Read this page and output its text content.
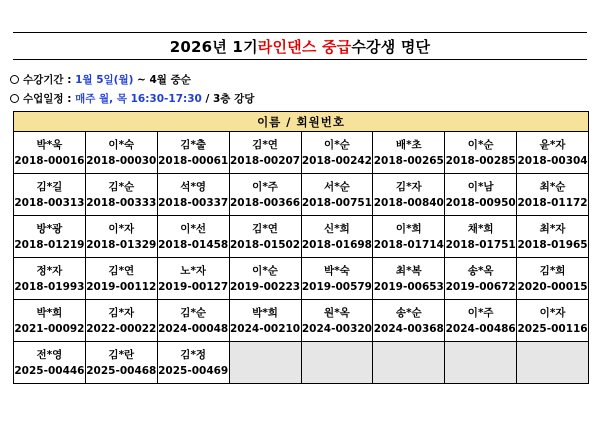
2026년 1기 라인댄스 중급 수강생 명단
수강기간 : 1월 5일(월) ~ 4월 중순
수업일정 : 매주 월, 목 16:30-17:30 / 3층 강당
이름 / 회원번호							

박*욱
2018-00016	이*숙
2018-00030	김*출
2018-00061	김*연
2018-00207	이*순
2018-00242	배*초
2018-00265	이*순
2018-00285	윤*자
2018-00304

김*길
2018-00313	김*순
2018-00333	석*영
2018-00337	이*주
2018-00366	서*순
2018-00751	김*자
2018-00840	이*남
2018-00950	최*순
2018-01172

방*광
2018-01219	이*자
2018-01329	이*선
2018-01458	김*연
2018-01502	신*희
2018-01698	이*희
2018-01714	채*희
2018-01751	최*자
2018-01965

정*자
2018-01993	김*연
2019-00112	노*자
2019-00127	이*순
2019-00223	박*숙
2019-00579	최*복
2019-00653	송*옥
2019-00672	김*희
2020-00015

박*희
2021-00092	김*자
2022-00022	김*순
2024-00048	박*희
2024-00210	원*옥
2024-00320	송*순
2024-00368	이*주
2024-00486	이*자
2025-00116

전*영
2025-00446	김*란
2025-00468	김*정
2025-00469					
